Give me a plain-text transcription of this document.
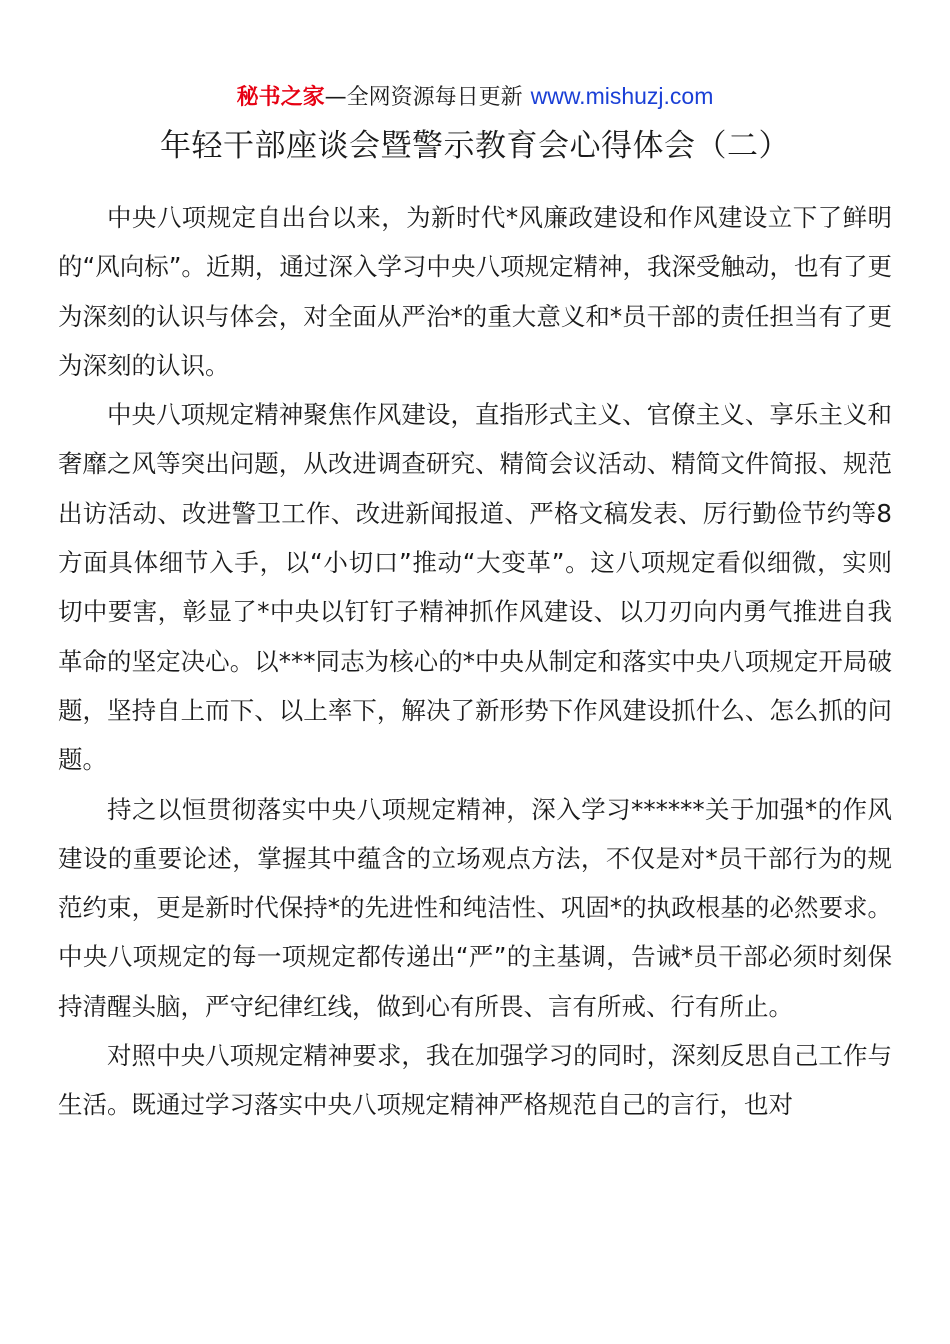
秘书之家—全网资源每日更新 www.mishuzj.com
年轻干部座谈会暨警示教育会心得体会（二）

中央八项规定自出台以来，为新时代*风廉政建设和作风建设立下了鲜明的“风向标”。近期，通过深入学习中央八项规定精神，我深受触动，也有了更为深刻的认识与体会，对全面从严治*的重大意义和*员干部的责任担当有了更为深刻的认识。

中央八项规定精神聚焦作风建设，直指形式主义、官僚主义、享乐主义和奢靡之风等突出问题，从改进调查研究、精简会议活动、精简文件简报、规范出访活动、改进警卫工作、改进新闻报道、严格文稿发表、厉行勤俭节约等8方面具体细节入手，以“小切口”推动“大变革”。这八项规定看似细微，实则切中要害，彰显了*中央以钉钉子精神抓作风建设、以刀刃向内勇气推进自我革命的坚定决心。以***同志为核心的*中央从制定和落实中央八项规定开局破题，坚持自上而下、以上率下，解决了新形势下作风建设抓什么、怎么抓的问题。

持之以恒贯彻落实中央八项规定精神，深入学习******关于加强*的作风建设的重要论述，掌握其中蕴含的立场观点方法，不仅是对*员干部行为的规范约束，更是新时代保持*的先进性和纯洁性、巩固*的执政根基的必然要求。中央八项规定的每一项规定都传递出“严”的主基调，告诫*员干部必须时刻保持清醒头脑，严守纪律红线，做到心有所畏、言有所戒、行有所止。

对照中央八项规定精神要求，我在加强学习的同时，深刻反思自己工作与生活。既通过学习落实中央八项规定精神严格规范自己的言行，也对
